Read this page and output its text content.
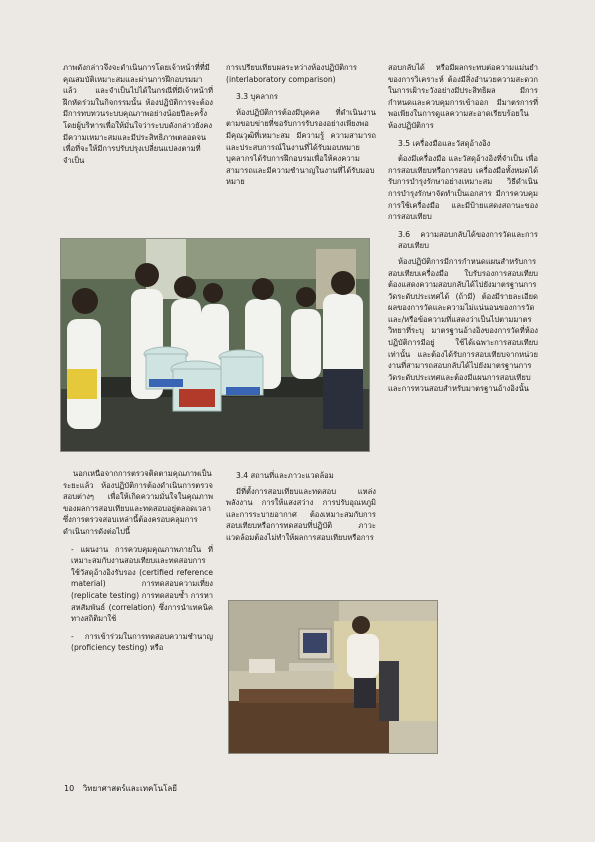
ภาพดังกล่าวจึงจะดำเนินการโดยเจ้าหน้าที่ที่มีคุณสมบัติเหมาะสมและผ่านการฝึกอบรมมาแล้ว และจำเป็นไปได้ในกรณีที่มีเจ้าหน้าที่ฝึกหัดร่วมในกิจกรรมนั้น ห้องปฏิบัติการจะต้องมีการทบทวนระบบคุณภาพอย่างน้อยปีละครั้ง โดยผู้บริหารเพื่อให้มั่นใจว่าระบบดังกล่าวยังคงมีความเหมาะสมและมีประสิทธิภาพตลอดจน เพื่อที่จะให้มีการปรับปรุงเปลี่ยนแปลงตามที่จำเป็น

การเปรียบเทียบผลระหว่างห้องปฏิบัติการ (interlaboratory comparison)

3.3 บุคลากร

ห้องปฏิบัติการต้องมีบุคคล ที่ดำเนินงานตามขอบข่ายที่ขอรับการรับรองอย่างเพียงพอ มีคุณวุฒิที่เหมาะสม มีความรู้ ความสามารถและประสบการณ์ในงานที่ได้รับมอบหมาย บุคลากรได้รับการฝึกอบรมเพื่อให้คงความสามารถและมีความชำนาญในงานที่ได้รับมอบหมาย

สอบกลับได้ หรือมีผลกระทบต่อความแม่นยำของการวิเคราะห์ ต้องมีสิ่งอำนวยความสะดวกในการเฝ้าระวังอย่างมีประสิทธิผล มีการกำหนดและควบคุมการเข้าออก มีมาตรการที่พอเพียงในการดูแลความสะอาดเรียบร้อยในห้องปฏิบัติการ

3.5 เครื่องมือและวัสดุอ้างอิง

ต้องมีเครื่องมือ และวัสดุอ้างอิงที่จำเป็น เพื่อการสอบเทียบหรือการสอบ เครื่องมือทั้งหมดได้รับการบำรุงรักษาอย่างเหมาะสม วิธีดำเนินการบำรุงรักษาจัดทำเป็นเอกสาร มีการควบคุมการใช้เครื่องมือ และมีป้ายแสดงสถานะของการสอบเทียบ

3.6 ความสอบกลับได้ของการวัดและการสอบเทียบ

ห้องปฏิบัติการมีการกำหนดแผนสำหรับการสอบเทียบเครื่องมือ ใบรับรองการสอบเทียบ ต้องแสดงความสอบกลับได้ไปยังมาตรฐานการวัดระดับประเทศได้ (ถ้ามี) ต้องมีรายละเอียดผลของการวัดและความไม่แน่นอนของการวัด และ/หรือข้อความที่แสดงว่าเป็นไปตามมาตรวิทยาที่ระบุ มาตรฐานอ้างอิงของการวัดที่ห้องปฏิบัติการมีอยู่ ใช้ได้เฉพาะการสอบเทียบเท่านั้น และต้องได้รับการสอบเทียบจากหน่วยงานที่สามารถสอบกลับได้ไปยังมาตรฐานการวัดระดับประเทศและต้องมีแผนการสอบเทียบ และการทวนสอบสำหรับมาตรฐานอ้างอิงนั้น

นอกเหนือจากการตรวจติดตามคุณภาพเป็นระยะแล้ว ห้องปฏิบัติการต้องดำเนินการตรวจสอบต่างๆ เพื่อให้เกิดความมั่นใจในคุณภาพของผลการสอบเทียบและทดสอบอยู่ตลอดเวลา ซึ่งการตรวจสอบเหล่านี้ต้องครอบคลุมการดำเนินการดังต่อไปนี้

- แผนงาน การควบคุมคุณภาพภายใน ที่เหมาะสมกับงานสอบเทียบและทดสอบการใช้วัสดุอ้างอิงรับรอง (certified reference material) การทดสอบความเที่ยง (replicate testing) การทดสอบซ้ำ การหาสหสัมพันธ์ (correlation) ซึ่งการนำเทคนิคทางสถิติมาใช้

- การเข้าร่วมในการทดสอบความชำนาญ (proficiency testing) หรือ

3.4 สถานที่และภาวะแวดล้อม

มีที่ตั้งการสอบเทียบและทดสอบ แหล่งพลังงาน การให้แสงสว่าง การปรับอุณหภูมิ และการระบายอากาศ ต้องเหมาะสมกับการสอบเทียบหรือการทดสอบที่ปฏิบัติ ภาวะแวดล้อมต้องไม่ทำให้ผลการสอบเทียบหรือการ

10 วิทยาศาสตร์และเทคโนโลยี
